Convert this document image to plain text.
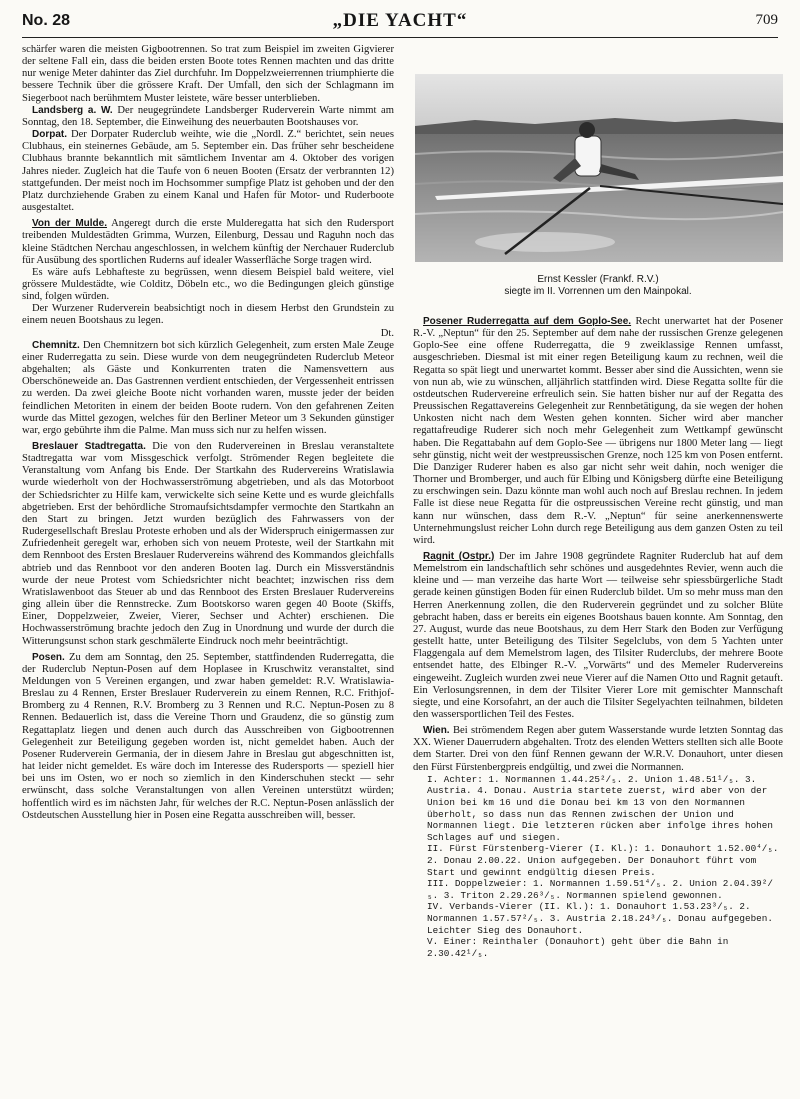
No. 28	„DIE YACHT“	709

schärfer waren die meisten Gigbootrennen. So trat zum Beispiel im zweiten Gigvierer der seltene Fall ein, dass die beiden ersten Boote totes Rennen machten und das dritte nur wenige Meter dahinter das Ziel durchfuhr. Im Doppelzweierrennen triumphierte die bessere Technik über die grössere Kraft. Der Umfall, den sich der Schlagmann im Siegerboot nach berühmtem Muster leistete, wäre besser unterblieben.

Landsberg a. W. Der neugegründete Landsberger Ruderverein Warte nimmt am Sonntag, den 18. September, die Einweihung des neuerbauten Bootshauses vor.

Dorpat. Der Dorpater Ruderclub weihte, wie die „Nordl. Z.“ berichtet, sein neues Clubhaus, ein steinernes Gebäude, am 5. September ein. Das früher sehr bescheidene Clubhaus brannte bekanntlich mit sämtlichem Inventar am 4. Oktober des vorigen Jahres nieder. Zugleich hat die Taufe von 6 neuen Booten (Ersatz der verbrannten 12) stattgefunden. Der meist noch im Hochsommer sumpfige Platz ist gehoben und der den Platz durchziehende Graben zu einem Kanal und Hafen für Motor- und Ruderboote ausgestaltet.

Von der Mulde. Angeregt durch die erste Mulderegatta hat sich den Rudersport treibenden Muldestädten Grimma, Wurzen, Eilenburg, Dessau und Raguhn noch das kleine Städtchen Nerchau angeschlossen, in welchem künftig der Nerchauer Ruderclub für Ausübung des sportlichen Ruderns auf idealer Wasserfläche Sorge tragen wird.

Es wäre aufs Lebhafteste zu begrüssen, wenn diesem Beispiel bald weitere, viel grössere Muldestädte, wie Colditz, Döbeln etc., wo die Bedingungen gleich günstige sind, folgen würden.

Der Wurzener Ruderverein beabsichtigt noch in diesem Herbst den Grundstein zu einem neuen Bootshaus zu legen.

Dt.

Chemnitz. Den Chemnitzern bot sich kürzlich Gelegenheit, zum ersten Male Zeuge einer Ruderregatta zu sein. Diese wurde von dem neugegründeten Ruderclub Meteor abgehalten; als Gäste und Konkurrenten traten die Namensvettern aus Oberschöneweide an. Das Gastrennen verdient entschieden, der Vergessenheit entrissen zu werden. Da zwei gleiche Boote nicht vorhanden waren, musste jeder der beiden feindlichen Metoriten in einem der beiden Boote rudern. Von den gefahrenen Zeiten wurde das Mittel gezogen, welches für den Berliner Meteor um 3 Sekunden günstiger war, ergo gebührte ihm die Palme. Man muss sich nur zu helfen wissen.

Breslauer Stadtregatta. Die von den Rudervereinen in Breslau veranstaltete Stadtregatta war vom Missgeschick verfolgt. Strömender Regen begleitete die Veranstaltung vom Anfang bis Ende. Der Startkahn des Rudervereins Wratislawia wurde wiederholt von der Hochwasserströmung abgetrieben, und als das Motorboot der Schiedsrichter zu Hilfe kam, verwickelte sich seine Kette und es wurde gleichfalls abgetrieben. Erst der behördliche Stromaufsichtsdampfer vermochte den Startkahn an den Start zu bringen. Jetzt wurden bezüglich des Fahrwassers von der Rudergesellschaft Breslau Proteste erhoben und als der Widerspruch einigermassen zur Zufriedenheit geregelt war, erhoben sich von neuem Proteste, weil der Startkahn mit dem Rennboot des Ersten Breslauer Rudervereins während des Kommandos gleichfalls abtrieb und das Rennboot vor den anderen Booten lag. Durch ein Missverständnis wurde der neue Protest vom Schiedsrichter nicht beachtet; inzwischen riss dem Wratislawenboot das Steuer ab und das Rennboot des Ersten Breslauer Rudervereins ging allein über die Rennstrecke. Zum Bootskorso waren gegen 40 Boote (Skiffs, Einer, Doppelzweier, Zweier, Vierer, Sechser und Achter) erschienen. Die Hochwasserströmung brachte jedoch den Zug in Unordnung und wurde der durch die Witterungsunst schon stark geschmälerte Eindruck noch mehr beeinträchtigt.

Posen. Zu dem am Sonntag, den 25. September, stattfindenden Ruderregatta, die der Ruderclub Neptun-Posen auf dem Hoplasee in Kruschwitz veranstaltet, sind Meldungen von 5 Vereinen ergangen, und zwar haben gemeldet: R.V. Wratislawia-Breslau zu 4 Rennen, Erster Breslauer Ruderverein zu einem Rennen, R.C. Frithjof-Bromberg zu 4 Rennen, R.V. Bromberg zu 3 Rennen und R.C. Neptun-Posen zu 8 Rennen. Bedauerlich ist, dass die Vereine Thorn und Graudenz, die so günstig zum Regattaplatz liegen und denen auch durch das Ausschreiben von Gigbootrennen Gelegenheit zur Beteiligung gegeben worden ist, nicht gemeldet haben. Auch der Posener Ruderverein Germania, der in diesem Jahre in Breslau gut abgeschnitten ist, hat leider nicht gemeldet. Es wäre doch im Interesse des Rudersports — speziell hier bei uns im Osten, wo er noch so ziemlich in den Kinderschuhen steckt — sehr erwünscht, dass solche Veranstaltungen von allen Vereinen unterstützt würden; hoffentlich wird es im nächsten Jahr, für welches der R.C. Neptun-Posen anlässlich der Ostdeutschen Ausstellung hier in Posen eine Regatta ausschreiben will, besser.

Ernst Kessler (Frankf. R.V.)
siegte im II. Vorrennen um den Mainpokal.

Posener Ruderregatta auf dem Goplo-See. Recht unerwartet hat der Posener R.-V. „Neptun“ für den 25. September auf dem nahe der russischen Grenze gelegenen Goplo-See eine offene Ruderregatta, die 9 zweiklassige Rennen umfasst, ausgeschrieben. Diesmal ist mit einer regen Beteiligung kaum zu rechnen, weil die Regatta so spät liegt und unerwartet kommt. Besser aber sind die Aussichten, wenn sie von nun ab, wie zu wünschen, alljährlich stattfinden wird. Diese Regatta sollte für die ostdeutschen Rudervereine erfreulich sein. Sie hatten bisher nur auf der Regatta des Preussischen Regattavereins Gelegenheit zur Rennbetätigung, da sie wegen der hohen Unkosten nicht nach dem Westen gehen konnten. Sicher wird aber mancher regattafreudige Ruderer sich noch mehr Gelegenheit zum Wettkampf gewünscht haben. Die Regattabahn auf dem Goplo-See — übrigens nur 1800 Meter lang — liegt sehr günstig, nicht weit der westpreussischen Grenze, noch 125 km von Posen entfernt. Die Danziger Ruderer haben es also gar nicht sehr weit dahin, noch weniger die Thorner und Bromberger, und auch für Elbing und Königsberg dürfte eine Beteiligung zu erschwingen sein. Dazu könnte man wohl auch noch auf Breslau rechnen. In jedem Falle ist diese neue Regatta für die ostpreussischen Vereine recht günstig, und man kann nur wünschen, dass dem R.-V. „Neptun“ für seine anerkennenswerte Unternehmungslust reicher Lohn durch rege Beteiligung aus dem ganzen Osten zu teil wird.

Ragnit (Ostpr.) Der im Jahre 1908 gegründete Ragniter Ruderclub hat auf dem Memelstrom ein landschaftlich sehr schönes und ausgedehntes Revier, wenn auch die kleine und — man verzeihe das harte Wort — teilweise sehr spiessbürgerliche Stadt gerade keinen günstigen Boden für einen Ruderclub bildet. Um so mehr muss man den Herren Anerkennung zollen, die den Ruderverein gegründet und zu solcher Blüte gebracht haben, dass er bereits ein eigenes Bootshaus bauen konnte. Am Sonntag, den 27. August, wurde das neue Bootshaus, zu dem Herr Stark den Boden zur Verfügung gestellt hatte, unter Beteiligung des Tilsiter Segelclubs, von dem 5 Yachten unter Flaggengala auf dem Memelstrom lagen, des Tilsiter Ruderclubs, der mehrere Boote entsendet hatte, des Elbinger R.-V. „Vorwärts“ und des Memeler Rudervereins eingeweiht. Zugleich wurden zwei neue Vierer auf die Namen Otto und Ragnit getauft. Ein Verlosungsrennen, in dem der Tilsiter Vierer Lore mit gemischter Mannschaft siegte, und eine Korsofahrt, an der auch die Tilsiter Segelyachten teilnahmen, bildeten den wassersportlichen Teil des Festes.

Wien. Bei strömendem Regen aber gutem Wasserstande wurde letzten Sonntag das XX. Wiener Dauerrudern abgehalten. Trotz des elenden Wetters stellten sich alle Boote dem Starter. Drei von den fünf Rennen gewann der W.R.V. Donauhort, unter diesen den Fürst Fürstenbergpreis endgültig, und zwei die Normannen.

I. Achter: 1. Normannen 1.44.25²/₅. 2. Union 1.48.51¹/₅. 3. Austria. 4. Donau. Austria startete zuerst, wird aber von der Union bei km 16 und die Donau bei km 13 von den Normannen überholt, so dass nun das Rennen zwischen der Union und Normannen liegt. Die letzteren rücken aber infolge ihres hohen Schlages auf und siegen.

II. Fürst Fürstenberg-Vierer (I. Kl.): 1. Donauhort 1.52.00⁴/₅. 2. Donau 2.00.22. Union aufgegeben. Der Donauhort führt vom Start und gewinnt endgültig diesen Preis.

III. Doppelzweier: 1. Normannen 1.59.51⁴/₅. 2. Union 2.04.39²/₅. 3. Triton 2.29.26³/₅. Normannen spielend gewonnen.

IV. Verbands-Vierer (II. Kl.): 1. Donauhort 1.53.23³/₅. 2. Normannen 1.57.57²/₅. 3. Austria 2.18.24³/₅. Donau aufgegeben. Leichter Sieg des Donauhort.

V. Einer: Reinthaler (Donauhort) geht über die Bahn in 2.30.42¹/₅.
